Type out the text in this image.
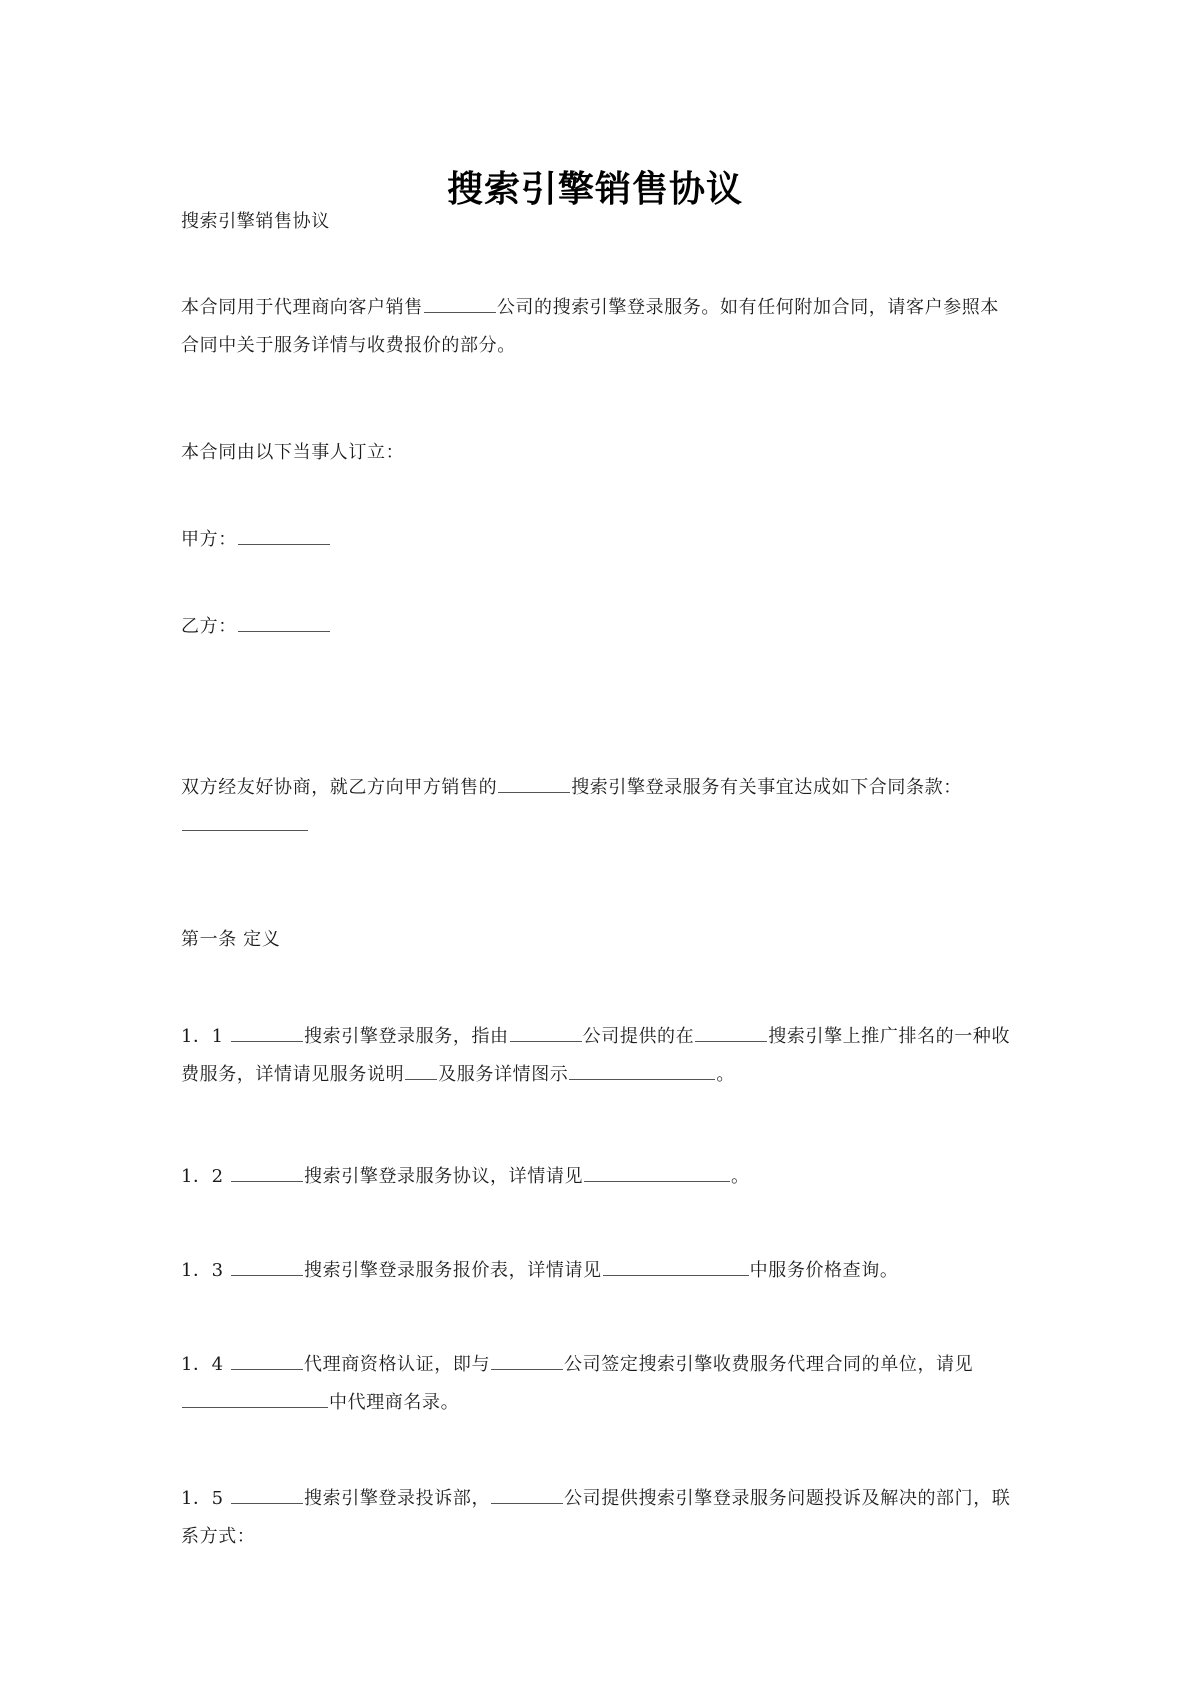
搜索引擎销售协议

搜索引擎销售协议

本合同用于代理商向客户销售	公司的搜索引擎登录服务。如有任何附加合同，请客户参照本合同中关于服务详情与收费报价的部分。

本合同由以下当事人订立：

甲方：

乙方：

双方经友好协商，就乙方向甲方销售的	搜索引擎登录服务有关事宜达成如下合同条款：

第一条 定义

1．1	搜索引擎登录服务，指由	公司提供的在	搜索引擎上推广排名的一种收费服务，详情请见服务说明 及服务详情图示	。

1．2	搜索引擎登录服务协议，详情请见	。

1．3	搜索引擎登录服务报价表，详情请见	中服务价格查询。

1．4	代理商资格认证，即与	公司签定搜索引擎收费服务代理合同的单位，请见中代理商名录。

1．5	搜索引擎登录投诉部，	公司提供搜索引擎登录服务问题投诉及解决的部门，联系方式：
